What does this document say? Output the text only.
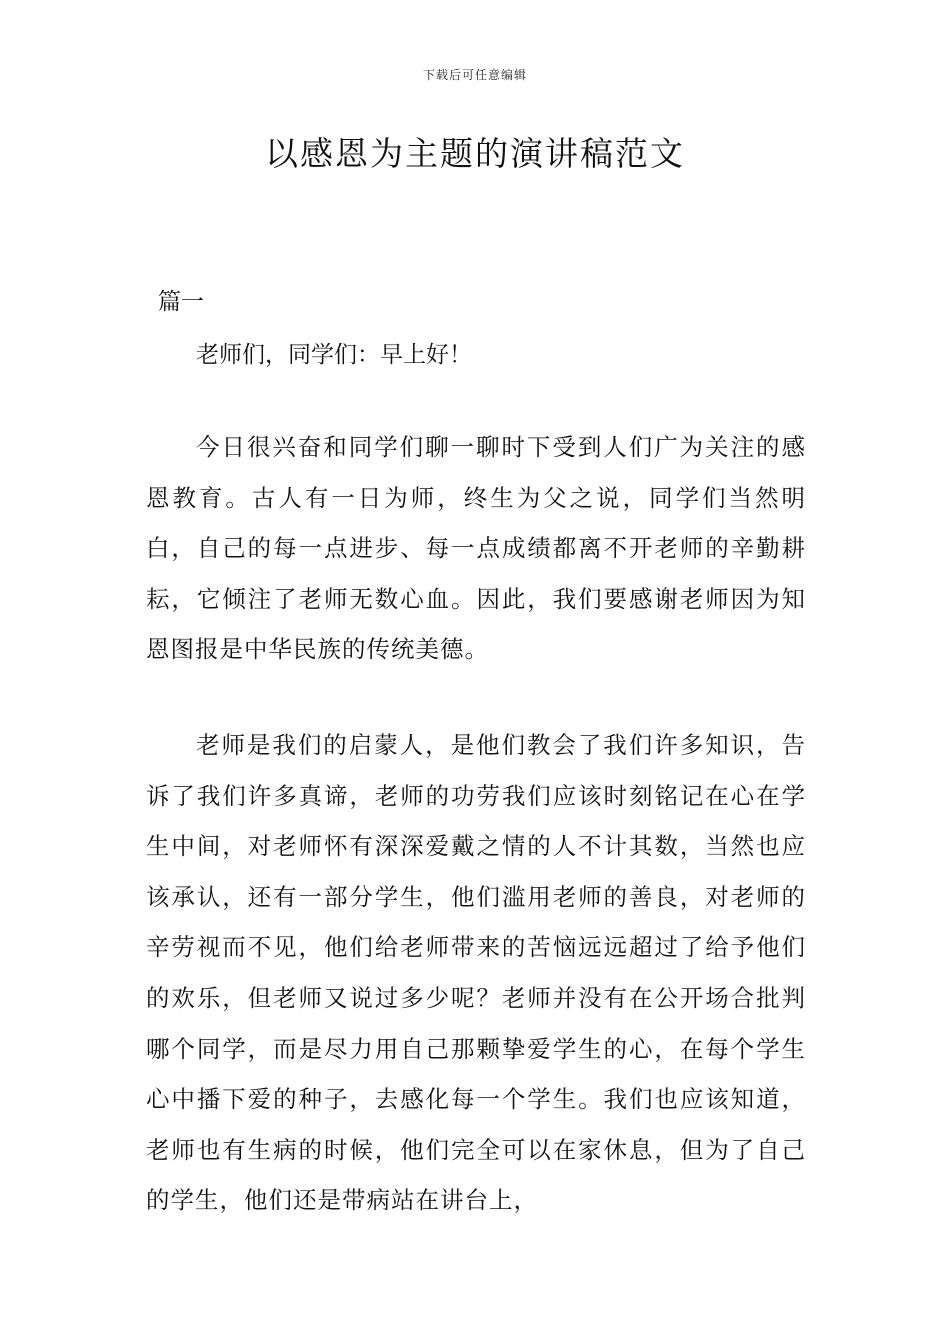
下载后可任意编辑
以感恩为主题的演讲稿范文
篇一
老师们，同学们：早上好！

今日很兴奋和同学们聊一聊时下受到人们广为关注的感恩教育。古人有一日为师，终生为父之说，同学们当然明白，自己的每一点进步、每一点成绩都离不开老师的辛勤耕耘，它倾注了老师无数心血。因此，我们要感谢老师因为知恩图报是中华民族的传统美德。

老师是我们的启蒙人，是他们教会了我们许多知识，告诉了我们许多真谛，老师的功劳我们应该时刻铭记在心在学生中间，对老师怀有深深爱戴之情的人不计其数，当然也应该承认，还有一部分学生，他们滥用老师的善良，对老师的辛劳视而不见，他们给老师带来的苦恼远远超过了给予他们的欢乐，但老师又说过多少呢？老师并没有在公开场合批判哪个同学，而是尽力用自己那颗挚爱学生的心，在每个学生心中播下爱的种子，去感化每一个学生。我们也应该知道，老师也有生病的时候，他们完全可以在家休息，但为了自己的学生，他们还是带病站在讲台上，
